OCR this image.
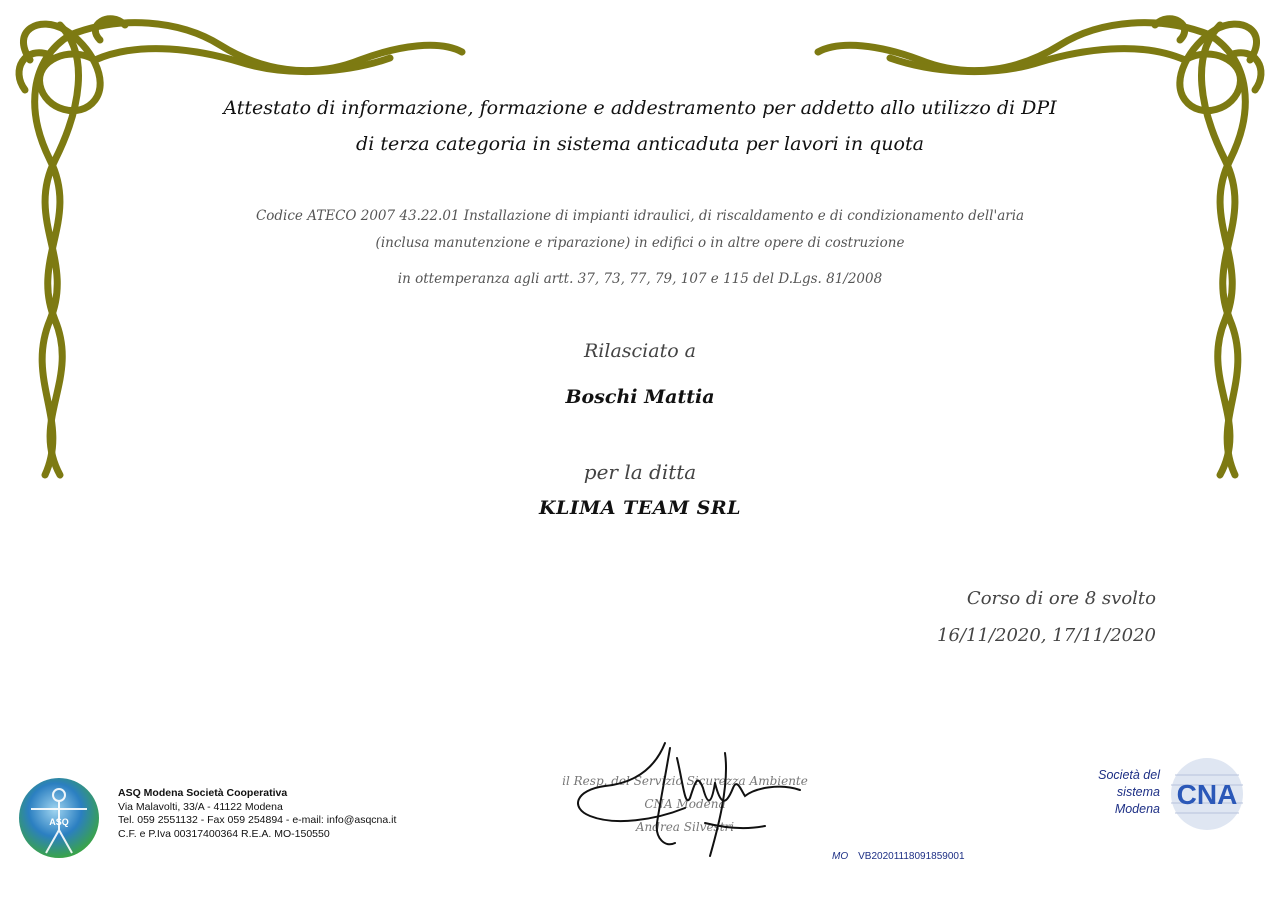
Attestato di informazione, formazione e addestramento per addetto allo utilizzo di DPI
di terza categoria in sistema anticaduta per lavori in quota
Codice ATECO 2007 43.22.01 Installazione di impianti idraulici, di riscaldamento e di condizionamento dell'aria
(inclusa manutenzione e riparazione) in edifici o in altre opere di costruzione
in ottemperanza agli artt. 37, 73, 77, 79, 107 e 115 del D.Lgs. 81/2008
Rilasciato a
Boschi Mattia
per la ditta
KLIMA TEAM SRL
Corso di ore 8 svolto
16/11/2020, 17/11/2020
ASQ
ASQ Modena Società Cooperativa
Via Malavolti, 33/A - 41122 Modena
Tel. 059 2551132 - Fax 059 254894 - e-mail: info@asqcna.it
C.F. e P.Iva 00317400364 R.E.A. MO-150550
il Resp. del Servizio Sicurezza Ambiente
CNA Modena
Andrea Silvestri
Società del
sistema
Modena CNA
MO VB20201118091859001
